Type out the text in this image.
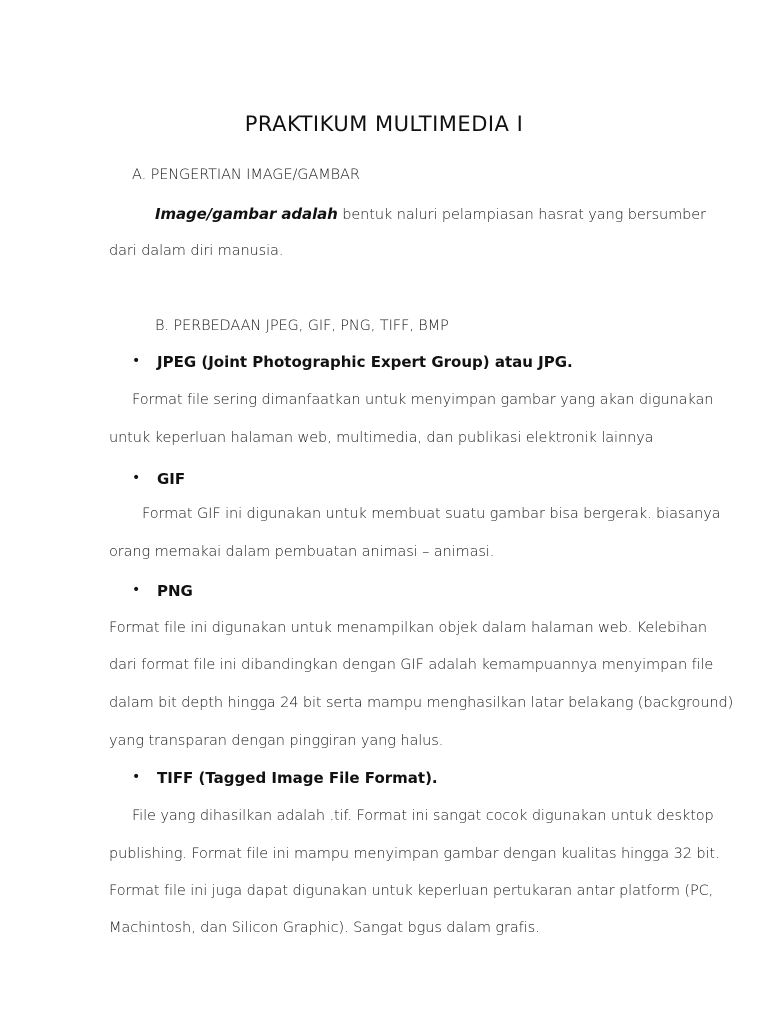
PRAKTIKUM MULTIMEDIA I
A. PENGERTIAN IMAGE/GAMBAR
Image/gambar adalah bentuk naluri pelampiasan hasrat yang bersumber
dari dalam diri manusia.
B. PERBEDAAN JPEG, GIF, PNG, TIFF, BMP
• JPEG (Joint Photographic Expert Group) atau JPG.
Format file sering dimanfaatkan untuk menyimpan gambar yang akan digunakan
untuk keperluan halaman web, multimedia, dan publikasi elektronik lainnya
• GIF
Format GIF ini digunakan untuk membuat suatu gambar bisa bergerak. biasanya
orang memakai dalam pembuatan animasi – animasi.
• PNG
Format file ini digunakan untuk menampilkan objek dalam halaman web. Kelebihan
dari format file ini dibandingkan dengan GIF adalah kemampuannya menyimpan file
dalam bit depth hingga 24 bit serta mampu menghasilkan latar belakang (background)
yang transparan dengan pinggiran yang halus.
• TIFF (Tagged Image File Format).
File yang dihasilkan adalah .tif. Format ini sangat cocok digunakan untuk desktop
publishing. Format file ini mampu menyimpan gambar dengan kualitas hingga 32 bit.
Format file ini juga dapat digunakan untuk keperluan pertukaran antar platform (PC,
Machintosh, dan Silicon Graphic). Sangat bgus dalam grafis.
